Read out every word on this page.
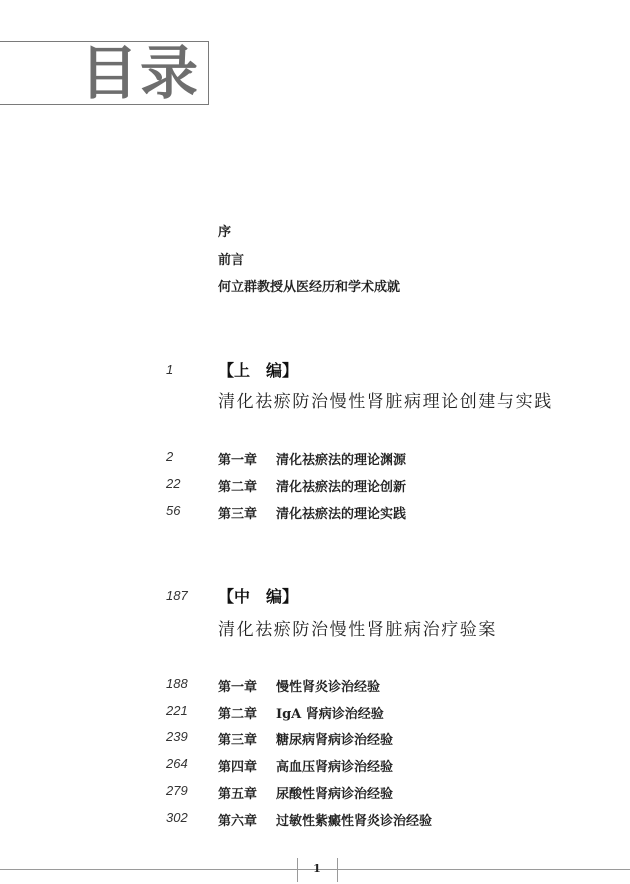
目录
序
前言
何立群教授从医经历和学术成就
1	【上　编】
清化祛瘀防治慢性肾脏病理论创建与实践
2	第一章 清化祛瘀法的理论渊源
22	第二章 清化祛瘀法的理论创新
56	第三章 清化祛瘀法的理论实践
187	【中　编】
清化祛瘀防治慢性肾脏病治疗验案
188 第一章 慢性肾炎诊治经验
221 第二章 IgA 肾病诊治经验
239 第三章 糖尿病肾病诊治经验
264 第四章 高血压肾病诊治经验
279 第五章 尿酸性肾病诊治经验
302 第六章 过敏性紫癜性肾炎诊治经验
1
